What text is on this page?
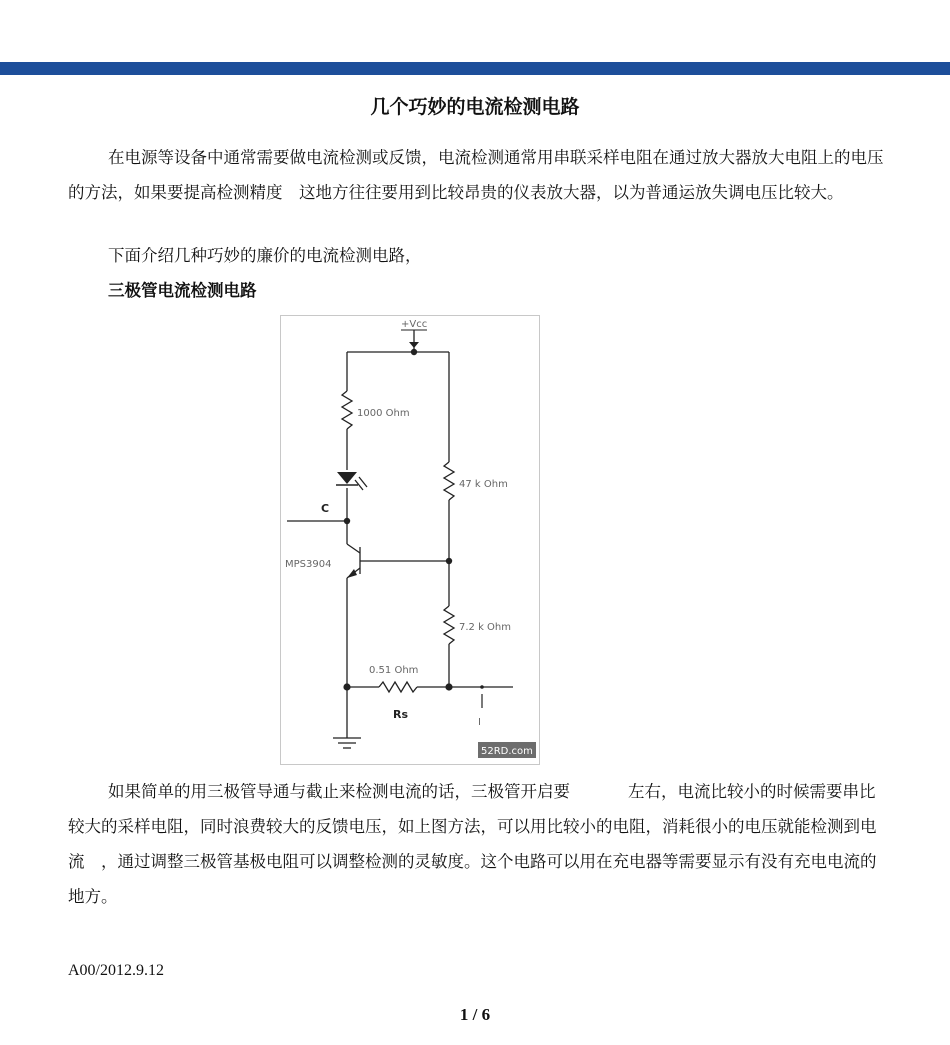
几个巧妙的电流检测电路

在电源等设备中通常需要做电流检测或反馈，电流检测通常用串联采样电阻在通过放大器放大电阻上的电压的方法，如果要提高检测精度　这地方往往要用到比较昂贵的仪表放大器，以为普通运放失调电压比较大。

下面介绍几种巧妙的廉价的电流检测电路，

三极管电流检测电路
+Vcc
1000 Ohm
47 k Ohm
7.2 k Ohm
0.51 Ohm
Rs
C
MPS3904
I
52RD.com

如果简单的用三极管导通与截止来检测电流的话，三极管开启要	左右，电流比较小的时候需要串比较大的采样电阻，同时浪费较大的反馈电压，如上图方法，可以用比较小的电阻，消耗很小的电压就能检测到电流　，通过调整三极管基极电阻可以调整检测的灵敏度。这个电路可以用在充电器等需要显示有没有充电电流的地方。

A00/2012.9.12
1 / 6
